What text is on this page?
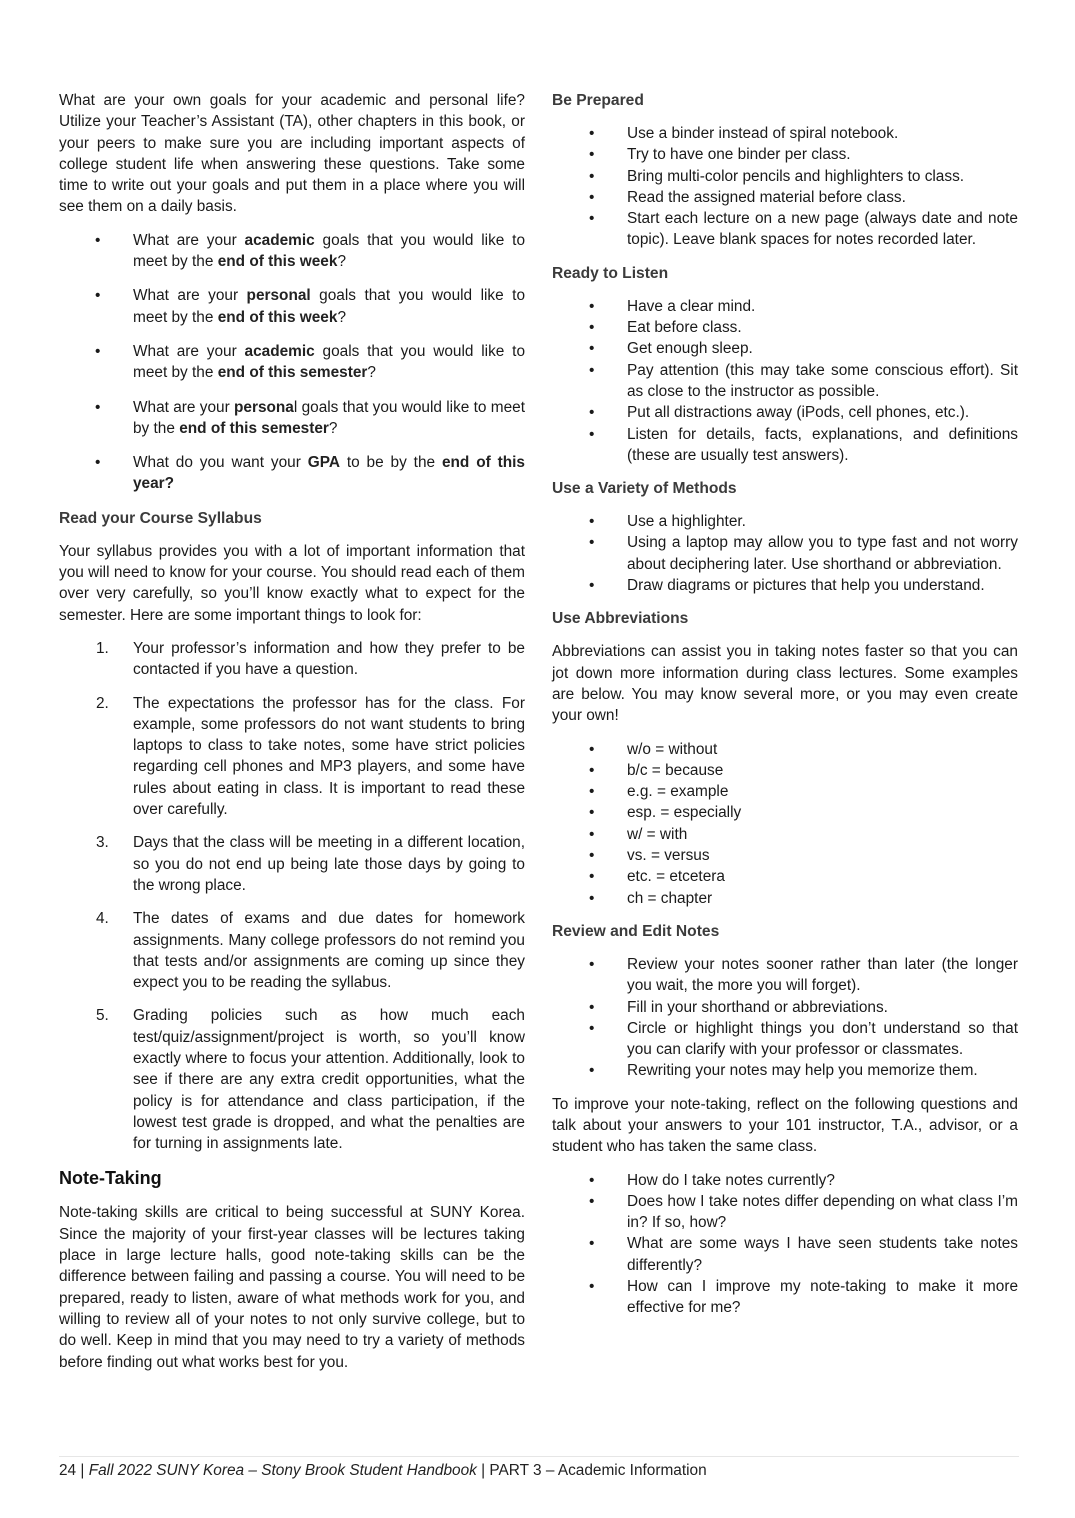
What are your own goals for your academic and personal life? Utilize your Teacher’s Assistant (TA), other chapters in this book, or your peers to make sure you are including important aspects of college student life when answering these questions. Take some time to write out your goals and put them in a place where you will see them on a daily basis.

• What are your academic goals that you would like to meet by the end of this week?
• What are your personal goals that you would like to meet by the end of this week?
• What are your academic goals that you would like to meet by the end of this semester?
• What are your personal goals that you would like to meet by the end of this semester?
• What do you want your GPA to be by the end of this year?
Read your Course Syllabus

Your syllabus provides you with a lot of important information that you will need to know for your course. You should read each of them over very carefully, so you’ll know exactly what to expect for the semester. Here are some important things to look for:

1. Your professor’s information and how they prefer to be contacted if you have a question.
2. The expectations the professor has for the class. For example, some professors do not want students to bring laptops to class to take notes, some have strict policies regarding cell phones and MP3 players, and some have rules about eating in class. It is important to read these over carefully.
3. Days that the class will be meeting in a different location, so you do not end up being late those days by going to the wrong place.
4. The dates of exams and due dates for homework assignments. Many college professors do not remind you that tests and/or assignments are coming up since they expect you to be reading the syllabus.
5. Grading policies such as how much each test/quiz/assignment/project is worth, so you’ll know exactly where to focus your attention. Additionally, look to see if there are any extra credit opportunities, what the policy is for attendance and class participation, if the lowest test grade is dropped, and what the penalties are for turning in assignments late.
Note-Taking

Note-taking skills are critical to being successful at SUNY Korea. Since the majority of your first-year classes will be lectures taking place in large lecture halls, good note-taking skills can be the difference between failing and passing a course. You will need to be prepared, ready to listen, aware of what methods work for you, and willing to review all of your notes to not only survive college, but to do well. Keep in mind that you may need to try a variety of methods before finding out what works best for you.

Be Prepared
• Use a binder instead of spiral notebook.
• Try to have one binder per class.
• Bring multi-color pencils and highlighters to class.
• Read the assigned material before class.
• Start each lecture on a new page (always date and note topic). Leave blank spaces for notes recorded later.
Ready to Listen
• Have a clear mind.
• Eat before class.
• Get enough sleep.
• Pay attention (this may take some conscious effort). Sit as close to the instructor as possible.
• Put all distractions away (iPods, cell phones, etc.).
• Listen for details, facts, explanations, and definitions (these are usually test answers).
Use a Variety of Methods
• Use a highlighter.
• Using a laptop may allow you to type fast and not worry about deciphering later. Use shorthand or abbreviation.
• Draw diagrams or pictures that help you understand.
Use Abbreviations

Abbreviations can assist you in taking notes faster so that you can jot down more information during class lectures. Some examples are below. You may know several more, or you may even create your own!

• w/o = without
• b/c = because
• e.g. = example
• esp. = especially
• w/ = with
• vs. = versus
• etc. = etcetera
• ch = chapter
Review and Edit Notes
• Review your notes sooner rather than later (the longer you wait, the more you will forget).
• Fill in your shorthand or abbreviations.
• Circle or highlight things you don’t understand so that you can clarify with your professor or classmates.
• Rewriting your notes may help you memorize them.

To improve your note-taking, reflect on the following questions and talk about your answers to your 101 instructor, T.A., advisor, or a student who has taken the same class.

• How do I take notes currently?
• Does how I take notes differ depending on what class I’m in? If so, how?
• What are some ways I have seen students take notes differently?
• How can I improve my note-taking to make it more effective for me?
24 | Fall 2022 SUNY Korea – Stony Brook Student Handbook | PART 3 – Academic Information
